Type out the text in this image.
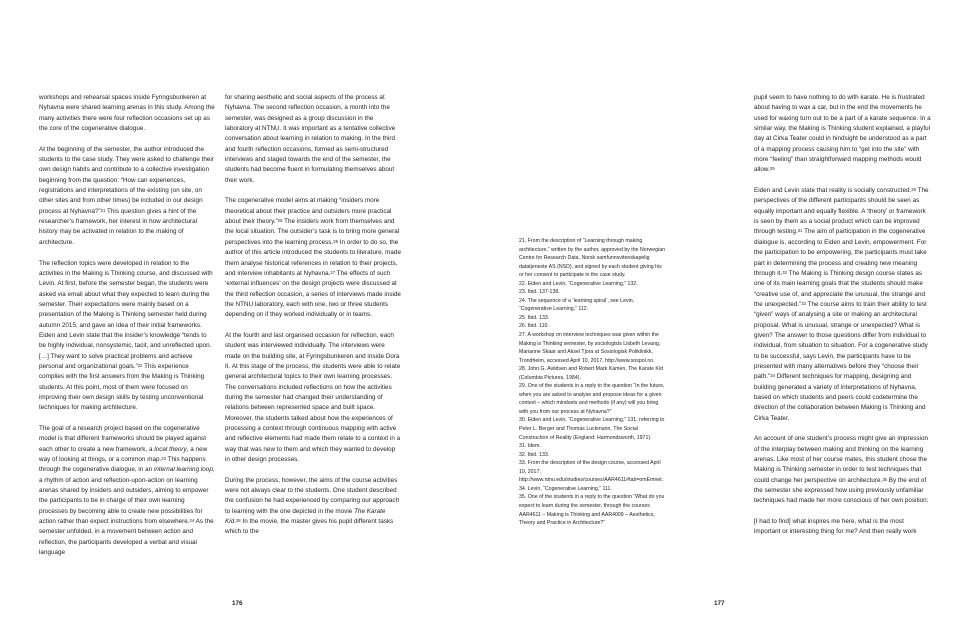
workshops and rehearsal spaces inside Fyringsbunkeren at Nyhavna were shared learning arenas in this study. Among the many activities there were four reflection occasions set up as the core of the cogenerative dialogue.

At the beginning of the semester, the author introduced the students to the case study. They were asked to challenge their own design habits and contribute to a collective investigation beginning from the question: “How can experiences, registrations and interpretations of the existing (on site, on other sites and from other times) be included in our design process at Nyhavna?”$^{21}$ This question gives a hint of the researcher’s framework, her interest in how architectural history may be activated in relation to the making of architecture.

The reflection topics were developed in relation to the activities in the Making is Thinking course, and discussed with Levin. At first, before the semester began, the students were asked via email about what they expected to learn during the semester. Their expectations were mainly based on a presentation of the Making is Thinking semester held during autumn 2015, and gave an idea of their initial frameworks. Eiden and Levin state that the insider’s knowledge “tends to be highly individual, nonsystemic, tacit, and unreflected upon. […] They want to solve practical problems and achieve personal and organizational goals.”$^{22}$ This experience complies with the first answers from the Making is Thinking students. At this point, most of them were focused on improving their own design skills by testing unconventional techniques for making architecture.

The goal of a research project based on the cogenerative model is that different frameworks should be played against each other to create a new framework, a local theory, a new way of looking at things, or a common map.$^{23}$ This happens through the cogenerative dialogue, in an internal learning loop, a rhythm of action and reflection-upon-action on learning arenas shared by insiders and outsiders, aiming to empower the participants to be in charge of their own learning processes by becoming able to create new possibilities for action rather than expect instructions from elsewhere.$^{24}$ As the semester unfolded, in a movement between action and reflection, the participants developed a verbal and visual language

for sharing aesthetic and social aspects of the process at Nyhavna. The second reflection occasion, a month into the semester, was designed as a group discussion in the laboratory at NTNU. It was important as a tentative collective conversation about learning in relation to making. In the third and fourth reflection occasions, formed as semi-structured interviews and staged towards the end of the semester, the students had become fluent in formulating themselves about their work.

The cogenerative model aims at making “insiders more theoretical about their practice and outsiders more practical about their theory.”$^{25}$ The insiders work from themselves and the local situation. The outsider’s task is to bring more general perspectives into the learning process.$^{26}$ In order to do so, the author of this article introduced the students to literature, made them analyse historical references in relation to their projects, and interview inhabitants at Nyhavna.$^{27}$ The effects of such ‘external influences’ on the design projects were discussed at the third reflection occasion, a series of interviews made inside the NTNU laboratory, each with one, two or three students depending on if they worked individually or in teams.

At the fourth and last organised occasion for reflection, each student was interviewed individually. The interviews were made on the building site, at Fyringsbunkeren and inside Dora II. At this stage of the process, the students were able to relate general architectural topics to their own learning processes. The conversations included reflections on how the activities during the semester had changed their understanding of relations between represented space and built space. Moreover, the students talked about how the experiences of processing a context through continuous mapping with active and reflective elements had made them relate to a context in a way that was new to them and which they wanted to develop in other design processes.

During the process, however, the aims of the course activities were not always clear to the students. One student described the confusion he had experienced by comparing our approach to learning with the one depicted in the movie The Karate Kid.$^{28}$ In the movie, the master gives his pupil different tasks which to the

176

21. From the description of “Learning through making architecture,” written by the author, approved by the Norwegian Centre for Research Data, Norsk samfunnsvitenskapelig datatjeneste AS (NSD), and signed by each student giving his or her consent to participate in the case study.

22. Eiden and Levin, “Cogenerative Learning,” 132.

23. Ibid. 137-138.

24. The sequence of a ‘learning spiral’, see Levin, “Cogenerative Learning,” 112.

25. Ibid. 133.

26. Ibid. 110.

27. A workshop on interview techniques was given within the Making is Thinking semester, by sociologists Lisbeth Levang, Marianne Skaar and Aksel Tjora at Sosiologisk Poliklinikk, Trondheim, accessed April 10, 2017, http://www.sospol.no.

28. John G. Avildsen and Robert Mark Kamen, The Karate Kid (Columbia Pictures, 1984).

29. One of the students in a reply to the question “In the future, when you are asked to analyse and propose ideas for a given context – which mindsets and methods (if any) will you bring with you from our process at Nyhavna?”

30. Eiden and Levin, “Cogenerative Learning,” 131, referring to Peter L. Berger and Thomas Luckmann, The Social Construction of Reality (England: Harmondsworth, 1971).

31. Idem.

32. Ibid. 133.

33. From the description of the design course, accessed April 10, 2017, http://www.ntnu.edu/studies/courses/AAR4611#tab=omEmnet.

34. Levin, “Cogenerative Learning,” 111.

35. One of the students in a reply to the question “What do you expect to learn during the semester, through the courses AAR4611 – Making is Thinking and AAR4009 – Aesthetics, Theory and Practice in Architecture?”

pupil seem to have nothing to do with karate. He is frustrated about having to wax a car, but in the end the movements he used for waxing turn out to be a part of a karate sequence. In a similar way, the Making is Thinking student explained, a playful day at Cirka Teater could in hindsight be understood as a part of a mapping process causing him to “get into the site” with more “feeling” than straightforward mapping methods would allow.$^{29}$

Eiden and Levin state that reality is socially constructed.$^{30}$ The perspectives of the different participants should be seen as equally important and equally flexible. A ‘theory’ or framework is seen by them as a social product which can be improved through testing.$^{31}$ The aim of participation in the cogenerative dialogue is, according to Eiden and Levin, empowerment. For the participation to be empowering, the participants must take part in determining the process and creating new meaning through it.$^{32}$ The Making is Thinking design course states as one of its main learning goals that the students should make “creative use of, and appreciate the unusual, the strange and the unexpected.”$^{33}$ The course aims to train their ability to test “given” ways of analysing a site or making an architectural proposal. What is unusual, strange or unexpected? What is given? The answer to those questions differ from individual to individual, from situation to situation. For a cogenerative study to be successful, says Levin, the participants have to be presented with many alternatives before they “choose their path.”$^{34}$ Different techniques for mapping, designing and building generated a variety of interpretations of Nyhavna, based on which students and peers could codetermine the direction of the collaboration between Making is Thinking and Cirka Teater.

An account of one student’s process might give an impression of the interplay between making and thinking on the learning arenas. Like most of her course mates, this student chose the Making is Thinking semester in order to test techniques that could change her perspective on architecture.$^{35}$ By the end of the semester she expressed how using previously unfamiliar techniques had made her more conscious of her own position:

[I had to find] what inspires me here, what is the most important or interesting thing for me? And then really work

177
